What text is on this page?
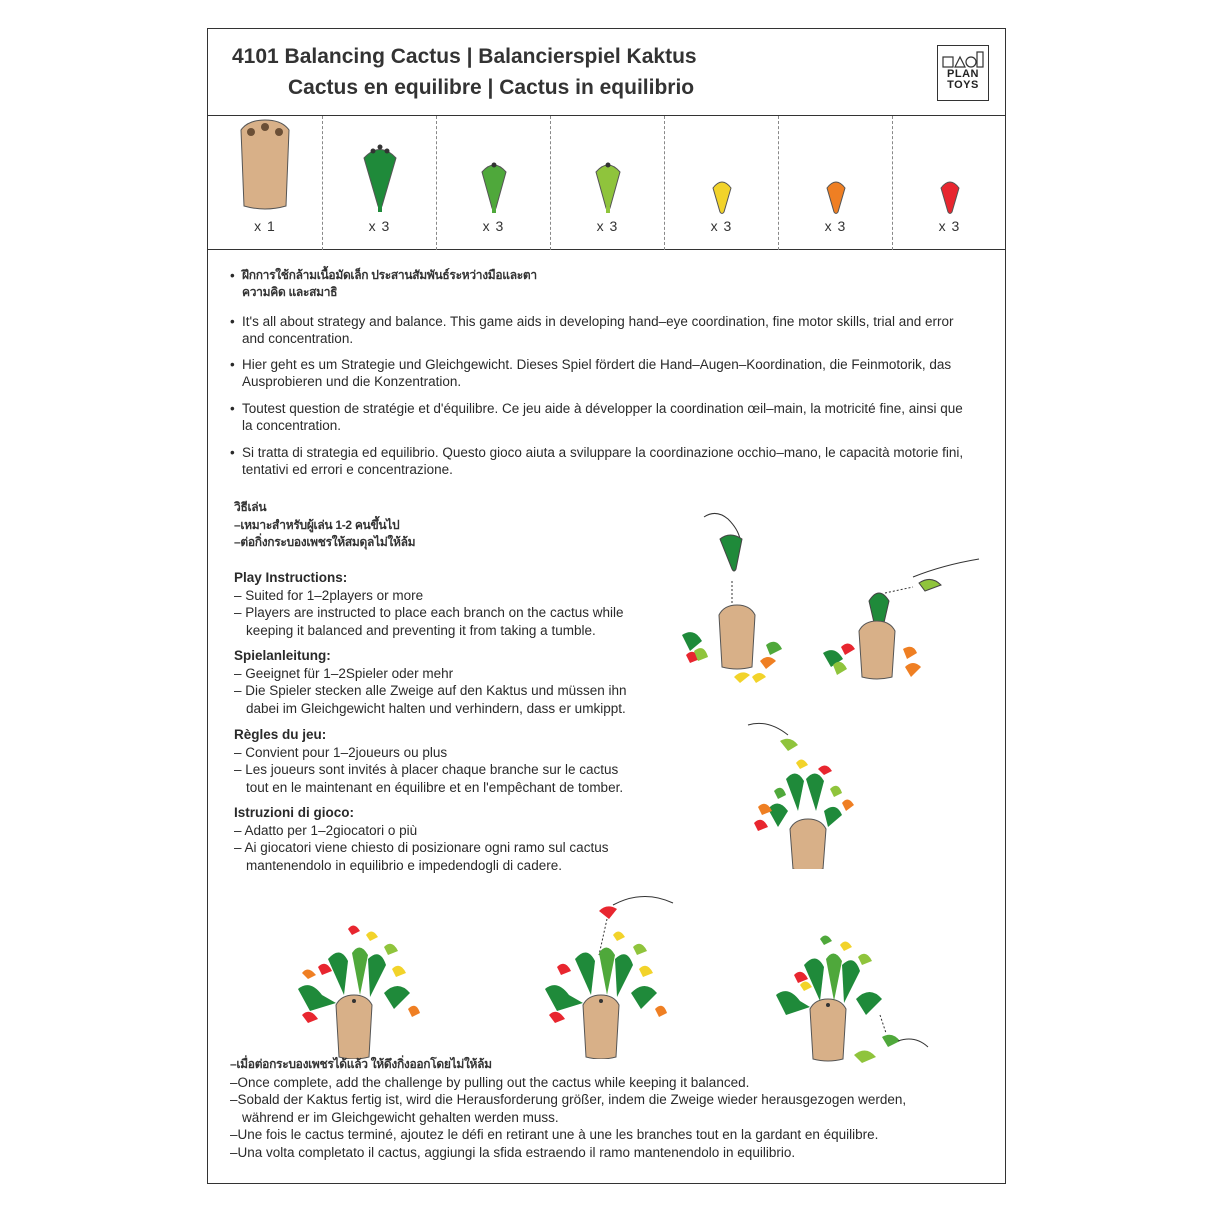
4101 Balancing Cactus | Balancierspiel Kaktus
Cactus en equilibre | Cactus in equilibrio
PLAN
TOYS
x 1	x 3	x 3	x 3	x 3	x 3	x 3
• ฝึกการใช้กล้ามเนื้อมัดเล็ก ประสานสัมพันธ์ระหว่างมือและตา
ความคิด และสมาธิ
• It's all about strategy and balance. This game aids in developing hand–eye coordination, fine motor skills, trial and error and concentration.
• Hier geht es um Strategie und Gleichgewicht. Dieses Spiel fördert die Hand–Augen–Koordination, die Feinmotorik, das Ausprobieren und die Konzentration.
• Toutest question de stratégie et d'équilibre. Ce jeu aide à développer la coordination œil–main, la motricité fine, ainsi que la concentration.
• Si tratta di strategia ed equilibrio. Questo gioco aiuta a sviluppare la coordinazione occhio–mano, le capacità motorie fini, tentativi ed errori e concentrazione.
วิธีเล่น
–เหมาะสำหรับผู้เล่น 1-2 คนขึ้นไป
–ต่อกิ่งกระบองเพชรให้สมดุลไม่ให้ล้ม
Play Instructions:
– Suited for 1–2players or more
– Players are instructed to place each branch on the cactus while
keeping it balanced and preventing it from taking a tumble.
Spielanleitung:
– Geeignet für 1–2Spieler oder mehr
– Die Spieler stecken alle Zweige auf den Kaktus und müssen ihn
dabei im Gleichgewicht halten und verhindern, dass er umkippt.
Règles du jeu:
– Convient pour 1–2joueurs ou plus
– Les joueurs sont invités à placer chaque branche sur le cactus
tout en le maintenant en équilibre et en l'empêchant de tomber.
Istruzioni di gioco:
– Adatto per 1–2giocatori o più
– Ai giocatori viene chiesto di posizionare ogni ramo sul cactus
mantenendolo in equilibrio e impedendogli di cadere.
–เมื่อต่อกระบองเพชรได้แล้ว ให้ดึงกิ่งออกโดยไม่ให้ล้ม
–Once complete, add the challenge by pulling out the cactus while keeping it balanced.
–Sobald der Kaktus fertig ist, wird die Herausforderung größer, indem die Zweige wieder herausgezogen werden,
während er im Gleichgewicht gehalten werden muss.
–Une fois le cactus terminé, ajoutez le défi en retirant une à une les branches tout en la gardant en équilibre.
–Una volta completato il cactus, aggiungi la sfida estraendo il ramo mantenendolo in equilibrio.
